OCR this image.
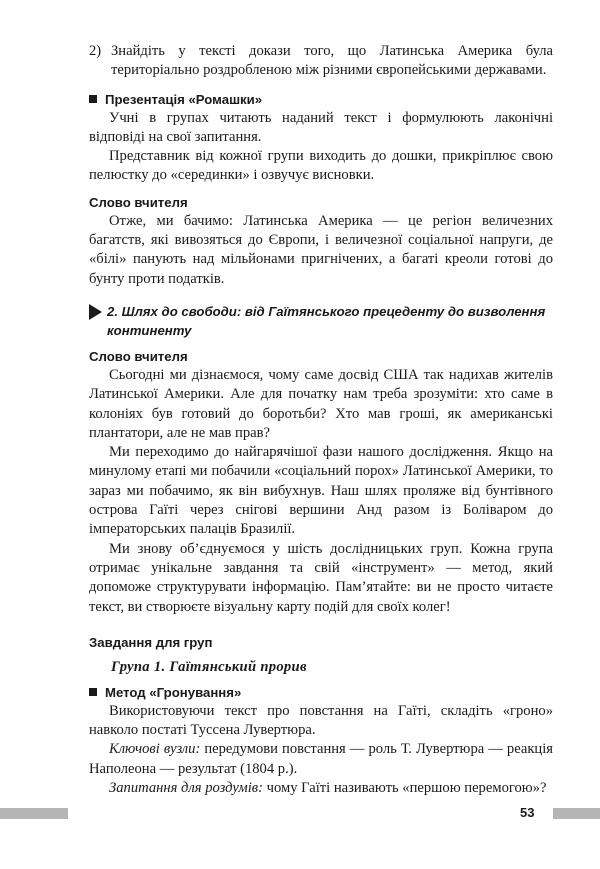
2) Знайдіть у тексті докази того, що Латинська Америка була територіально роздробленою між різними європейськими державами.
Презентація «Ромашки»

Учні в групах читають наданий текст і формулюють лаконічні відповіді на свої запитання.

Представник від кожної групи виходить до дошки, прикріплює свою пелюстку до «серединки» і озвучує висновки.

Слово вчителя

Отже, ми бачимо: Латинська Америка — це регіон величезних багатств, які вивозяться до Європи, і величезної соціальної напруги, де «білі» панують над мільйонами пригнічених, а багаті креоли готові до бунту проти податків.

2. Шлях до свободи: від Гаїтянського прецеденту до визволення континенту
Слово вчителя

Сьогодні ми дізнаємося, чому саме досвід США так надихав жителів Латинської Америки. Але для початку нам треба зрозуміти: хто саме в колоніях був готовий до боротьби? Хто мав гроші, як американські плантатори, але не мав прав?

Ми переходимо до найгарячішої фази нашого дослідження. Якщо на минулому етапі ми побачили «соціальний порох» Латинської Америки, то зараз ми побачимо, як він вибухнув. Наш шлях проляже від бунтівного острова Гаїті через снігові вершини Анд разом із Боліваром до імператорських палаців Бразилії.

Ми знову об’єднуємося у шість дослідницьких груп. Кожна група отримає унікальне завдання та свій «інструмент» — метод, який допоможе структурувати інформацію. Пам’ятайте: ви не просто читаєте текст, ви створюєте візуальну карту подій для своїх колег!

Завдання для груп
Група 1. Гаїтянський прорив
Метод «Гронування»

Використовуючи текст про повстання на Гаїті, складіть «гроно» навколо постаті Туссена Лувертюра.

Ключові вузли: передумови повстання — роль Т. Лувертюра — реакція Наполеона — результат (1804 р.).

Запитання для роздумів: чому Гаїті називають «першою перемогою»?

53
